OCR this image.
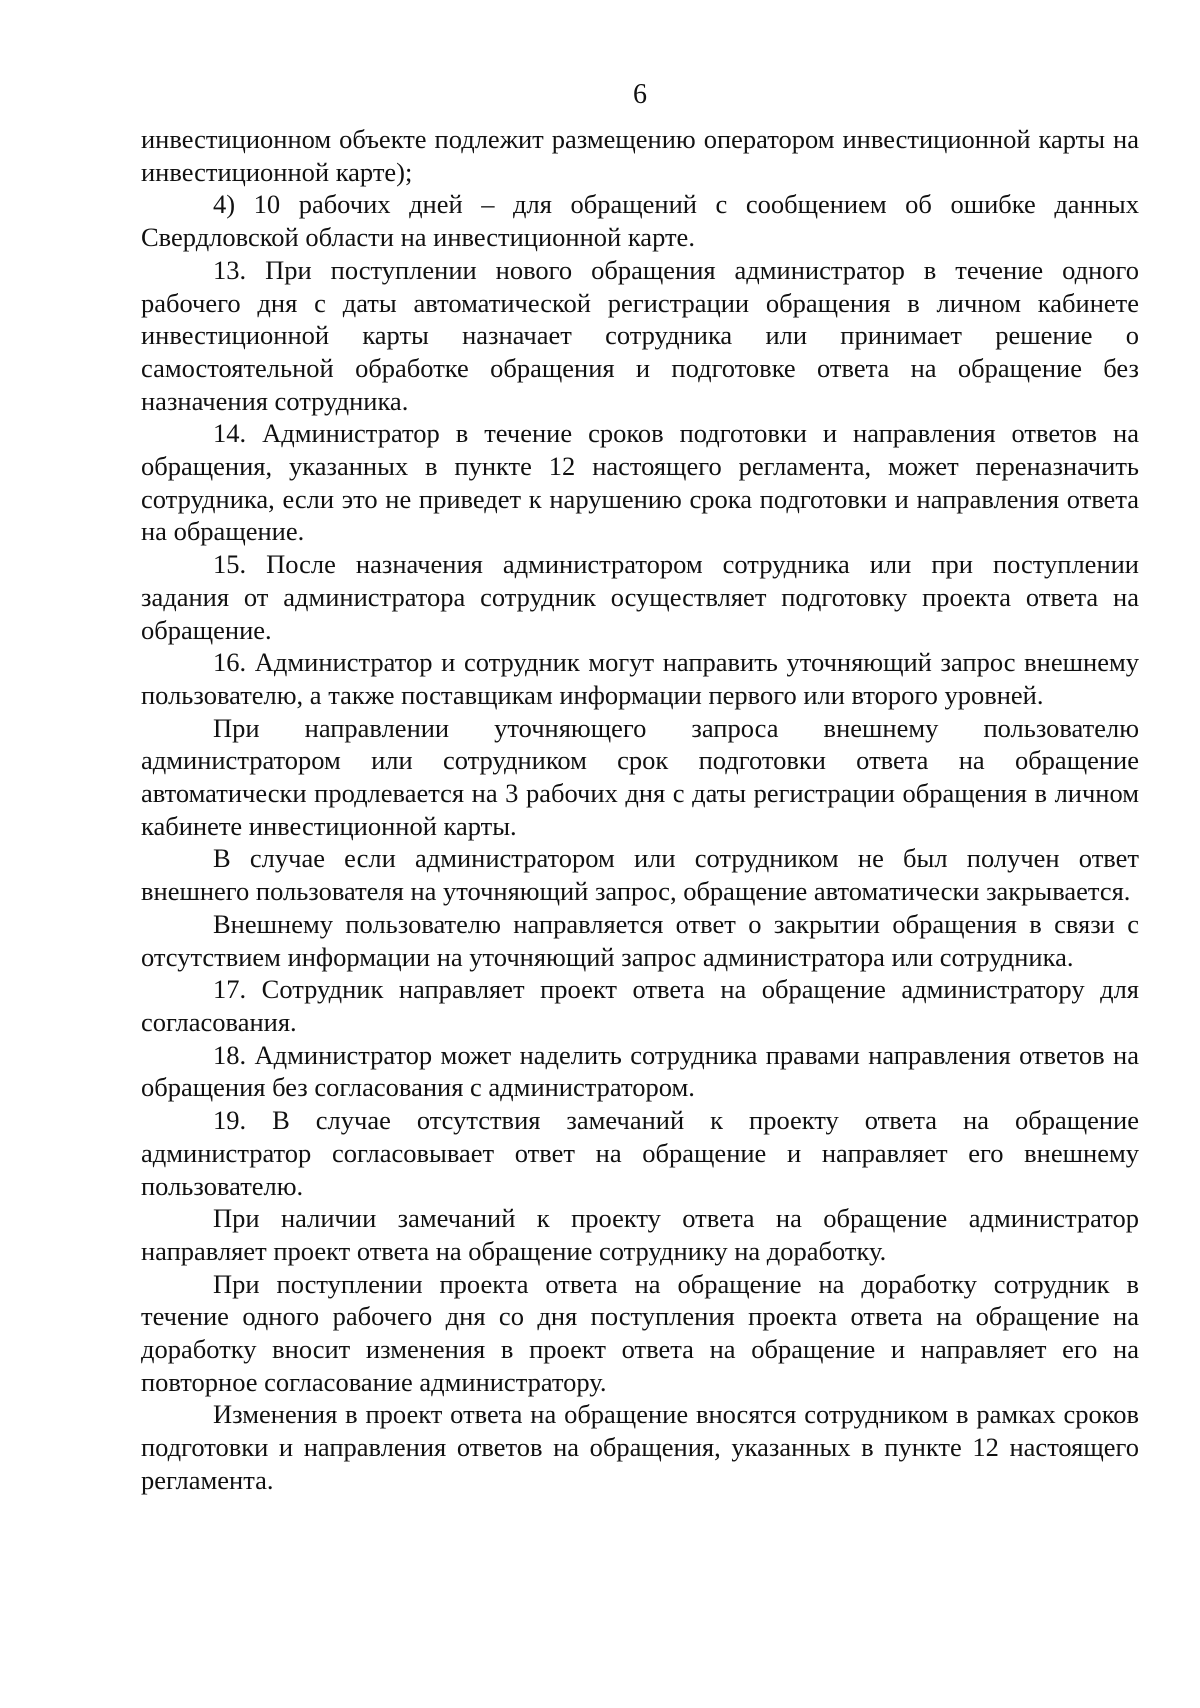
6

инвестиционном объекте подлежит размещению оператором инвестиционной карты на инвестиционной карте);

4) 10 рабочих дней – для обращений с сообщением об ошибке данных Свердловской области на инвестиционной карте.

13. При поступлении нового обращения администратор в течение одного рабочего дня с даты автоматической регистрации обращения в личном кабинете инвестиционной карты назначает сотрудника или принимает решение о самостоятельной обработке обращения и подготовке ответа на обращение без назначения сотрудника.

14. Администратор в течение сроков подготовки и направления ответов на обращения, указанных в пункте 12 настоящего регламента, может переназначить сотрудника, если это не приведет к нарушению срока подготовки и направления ответа на обращение.

15. После назначения администратором сотрудника или при поступлении задания от администратора сотрудник осуществляет подготовку проекта ответа на обращение.

16. Администратор и сотрудник могут направить уточняющий запрос внешнему пользователю, а также поставщикам информации первого или второго уровней.

При направлении уточняющего запроса внешнему пользователю администратором или сотрудником срок подготовки ответа на обращение автоматически продлевается на 3 рабочих дня с даты регистрации обращения в личном кабинете инвестиционной карты.

В случае если администратором или сотрудником не был получен ответ внешнего пользователя на уточняющий запрос, обращение автоматически закрывается.

Внешнему пользователю направляется ответ о закрытии обращения в связи с отсутствием информации на уточняющий запрос администратора или сотрудника.

17. Сотрудник направляет проект ответа на обращение администратору для согласования.

18. Администратор может наделить сотрудника правами направления ответов на обращения без согласования с администратором.

19. В случае отсутствия замечаний к проекту ответа на обращение администратор согласовывает ответ на обращение и направляет его внешнему пользователю.

При наличии замечаний к проекту ответа на обращение администратор направляет проект ответа на обращение сотруднику на доработку.

При поступлении проекта ответа на обращение на доработку сотрудник в течение одного рабочего дня со дня поступления проекта ответа на обращение на доработку вносит изменения в проект ответа на обращение и направляет его на повторное согласование администратору.

Изменения в проект ответа на обращение вносятся сотрудником в рамках сроков подготовки и направления ответов на обращения, указанных в пункте 12 настоящего регламента.
